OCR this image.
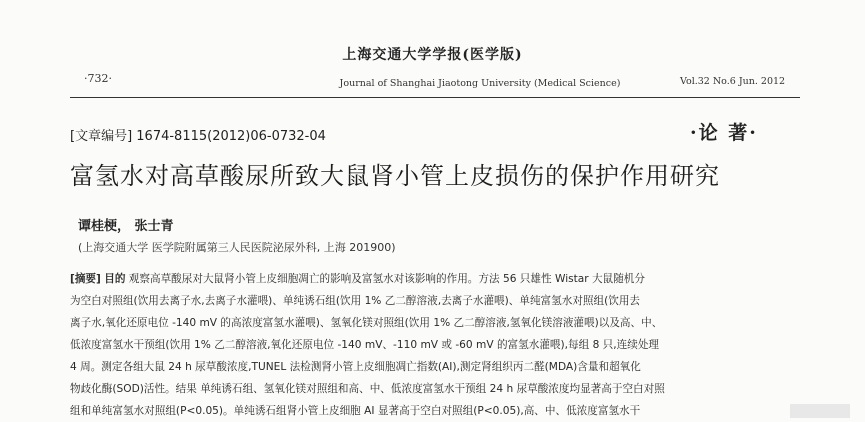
上海交通大学学报(医学版)
·732·	Journal of Shanghai Jiaotong University (Medical Science)	Vol.32 No.6 Jun. 2012
[文章编号] 1674-8115(2012)06-0732-04	·论 著·
富氢水对高草酸尿所致大鼠肾小管上皮损伤的保护作用研究
谭桂梗， 张士青
(上海交通大学 医学院附属第三人民医院泌尿外科, 上海 201900)
[摘要] 目的 观察高草酸尿对大鼠肾小管上皮细胞凋亡的影响及富氢水对该影响的作用。方法 56 只雄性 Wistar 大鼠随机分
为空白对照组(饮用去离子水,去离子水灌喂)、单纯诱石组(饮用 1% 乙二醇溶液,去离子水灌喂)、单纯富氢水对照组(饮用去
离子水,氧化还原电位 -140 mV 的高浓度富氢水灌喂)、氢氧化镁对照组(饮用 1% 乙二醇溶液,氢氧化镁溶液灌喂)以及高、中、
低浓度富氢水干预组(饮用 1% 乙二醇溶液,氧化还原电位 -140 mV、-110 mV 或 -60 mV 的富氢水灌喂),每组 8 只,连续处理
4 周。测定各组大鼠 24 h 尿草酸浓度,TUNEL 法检测肾小管上皮细胞凋亡指数(AI),测定肾组织丙二醛(MDA)含量和超氧化
物歧化酶(SOD)活性。结果 单纯诱石组、氢氧化镁对照组和高、中、低浓度富氢水干预组 24 h 尿草酸浓度均显著高于空白对照
组和单纯富氢水对照组(P<0.05)。单纯诱石组肾小管上皮细胞 AI 显著高于空白对照组(P<0.05),高、中、低浓度富氢水干
